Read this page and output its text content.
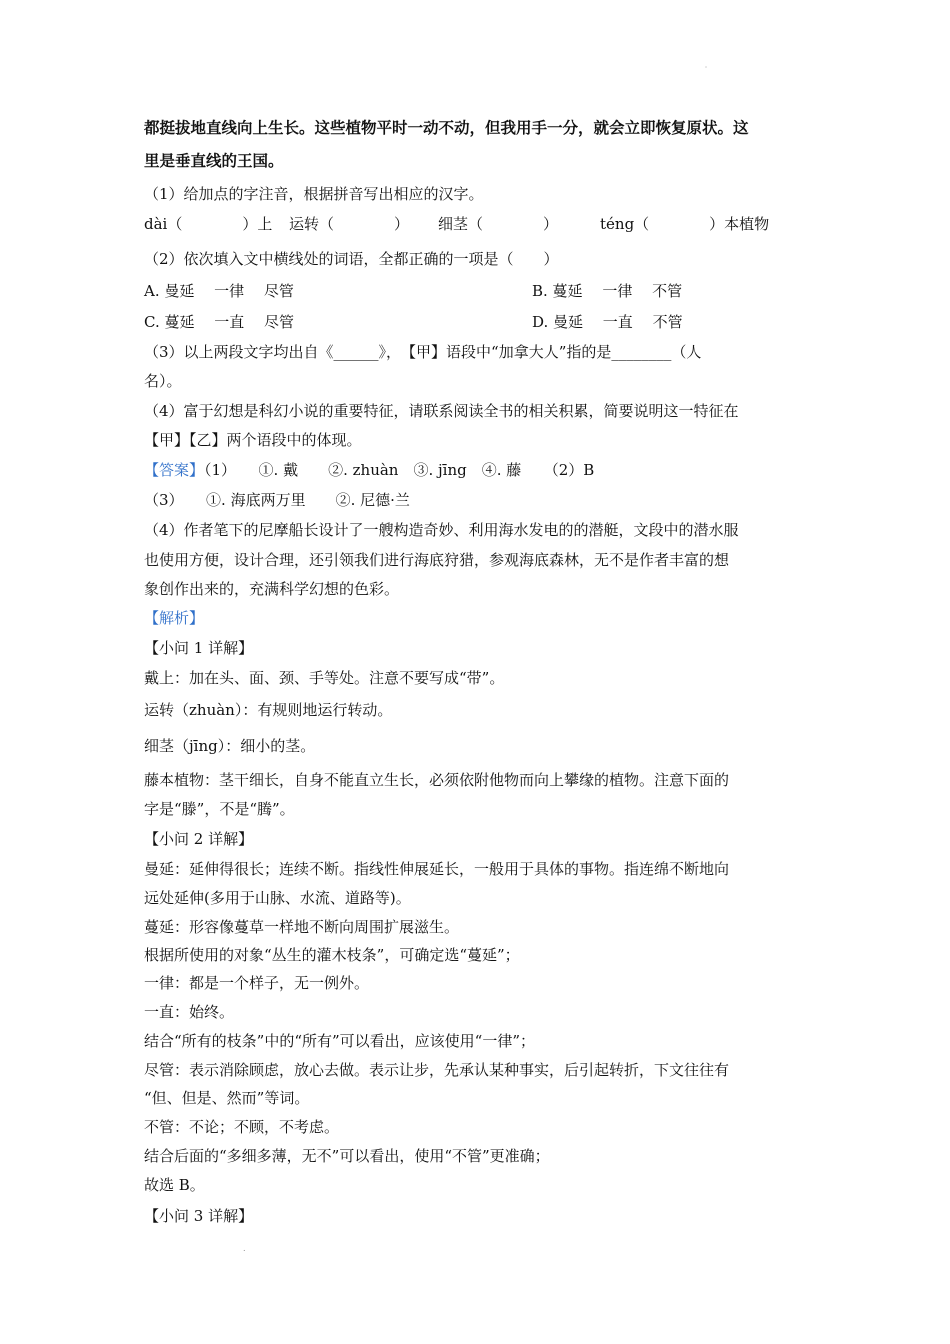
˙
.
都挺拔地直线向上生长。这些植物平时一动不动，但我用手一分，就会立即恢复原状。这
里是垂直线的王国。
（1）给加点的字注音，根据拼音写出相应的汉字。
dài（　　　　）上 运转（　　　　） 细茎（　　　　）	téng（　　　　）本植物
（2）依次填入文中横线处的词语，全都正确的一项是（　　）
A. 曼延　 一律　 尽管	B. 蔓延　 一律　 不管
C. 蔓延　 一直　 尽管	D. 曼延　 一直　 不管
（3）以上两段文字均出自《______》，　【甲】语段中“加拿大人”指的是________（人
名）。
（4）富于幻想是科幻小说的重要特征，请联系阅读全书的相关积累，简要说明这一特征在
【甲】【乙】两个语段中的体现。
【答案】（1）　　①. 戴　　②. zhuàn　③. jīng　④. 藤　　（2）B
（3）　　①. 海底两万里　　②. 尼德·兰
（4）作者笔下的尼摩船长设计了一艘构造奇妙、利用海水发电的的潜艇，文段中的潜水服
也使用方便，设计合理，还引领我们进行海底狩猎，参观海底森林，无不是作者丰富的想
象创作出来的，充满科学幻想的色彩。
【解析】
【小问 1 详解】
戴上：加在头、面、颈、手等处。注意不要写成“带”。
运转（zhuàn）：有规则地运行转动。
细茎（jīng）：细小的茎。
藤本植物：茎干细长，自身不能直立生长，必须依附他物而向上攀缘的植物。注意下面的
字是“滕”，不是“腾”。
【小问 2 详解】
曼延：延伸得很长；连续不断。指线性伸展延长，一般用于具体的事物。指连绵不断地向
远处延伸(多用于山脉、水流、道路等)。
蔓延：形容像蔓草一样地不断向周围扩展滋生。
根据所使用的对象“丛生的灌木枝条”，可确定选“蔓延”；
一律：都是一个样子，无一例外。
一直：始终。
结合“所有的枝条”中的“所有”可以看出，应该使用“一律”；
尽管：表示消除顾虑，放心去做。表示让步，先承认某种事实，后引起转折，下文往往有
“但、但是、然而”等词。
不管：不论；不顾，不考虑。
结合后面的“多细多薄，无不”可以看出，使用“不管”更准确；
故选 B。
【小问 3 详解】
